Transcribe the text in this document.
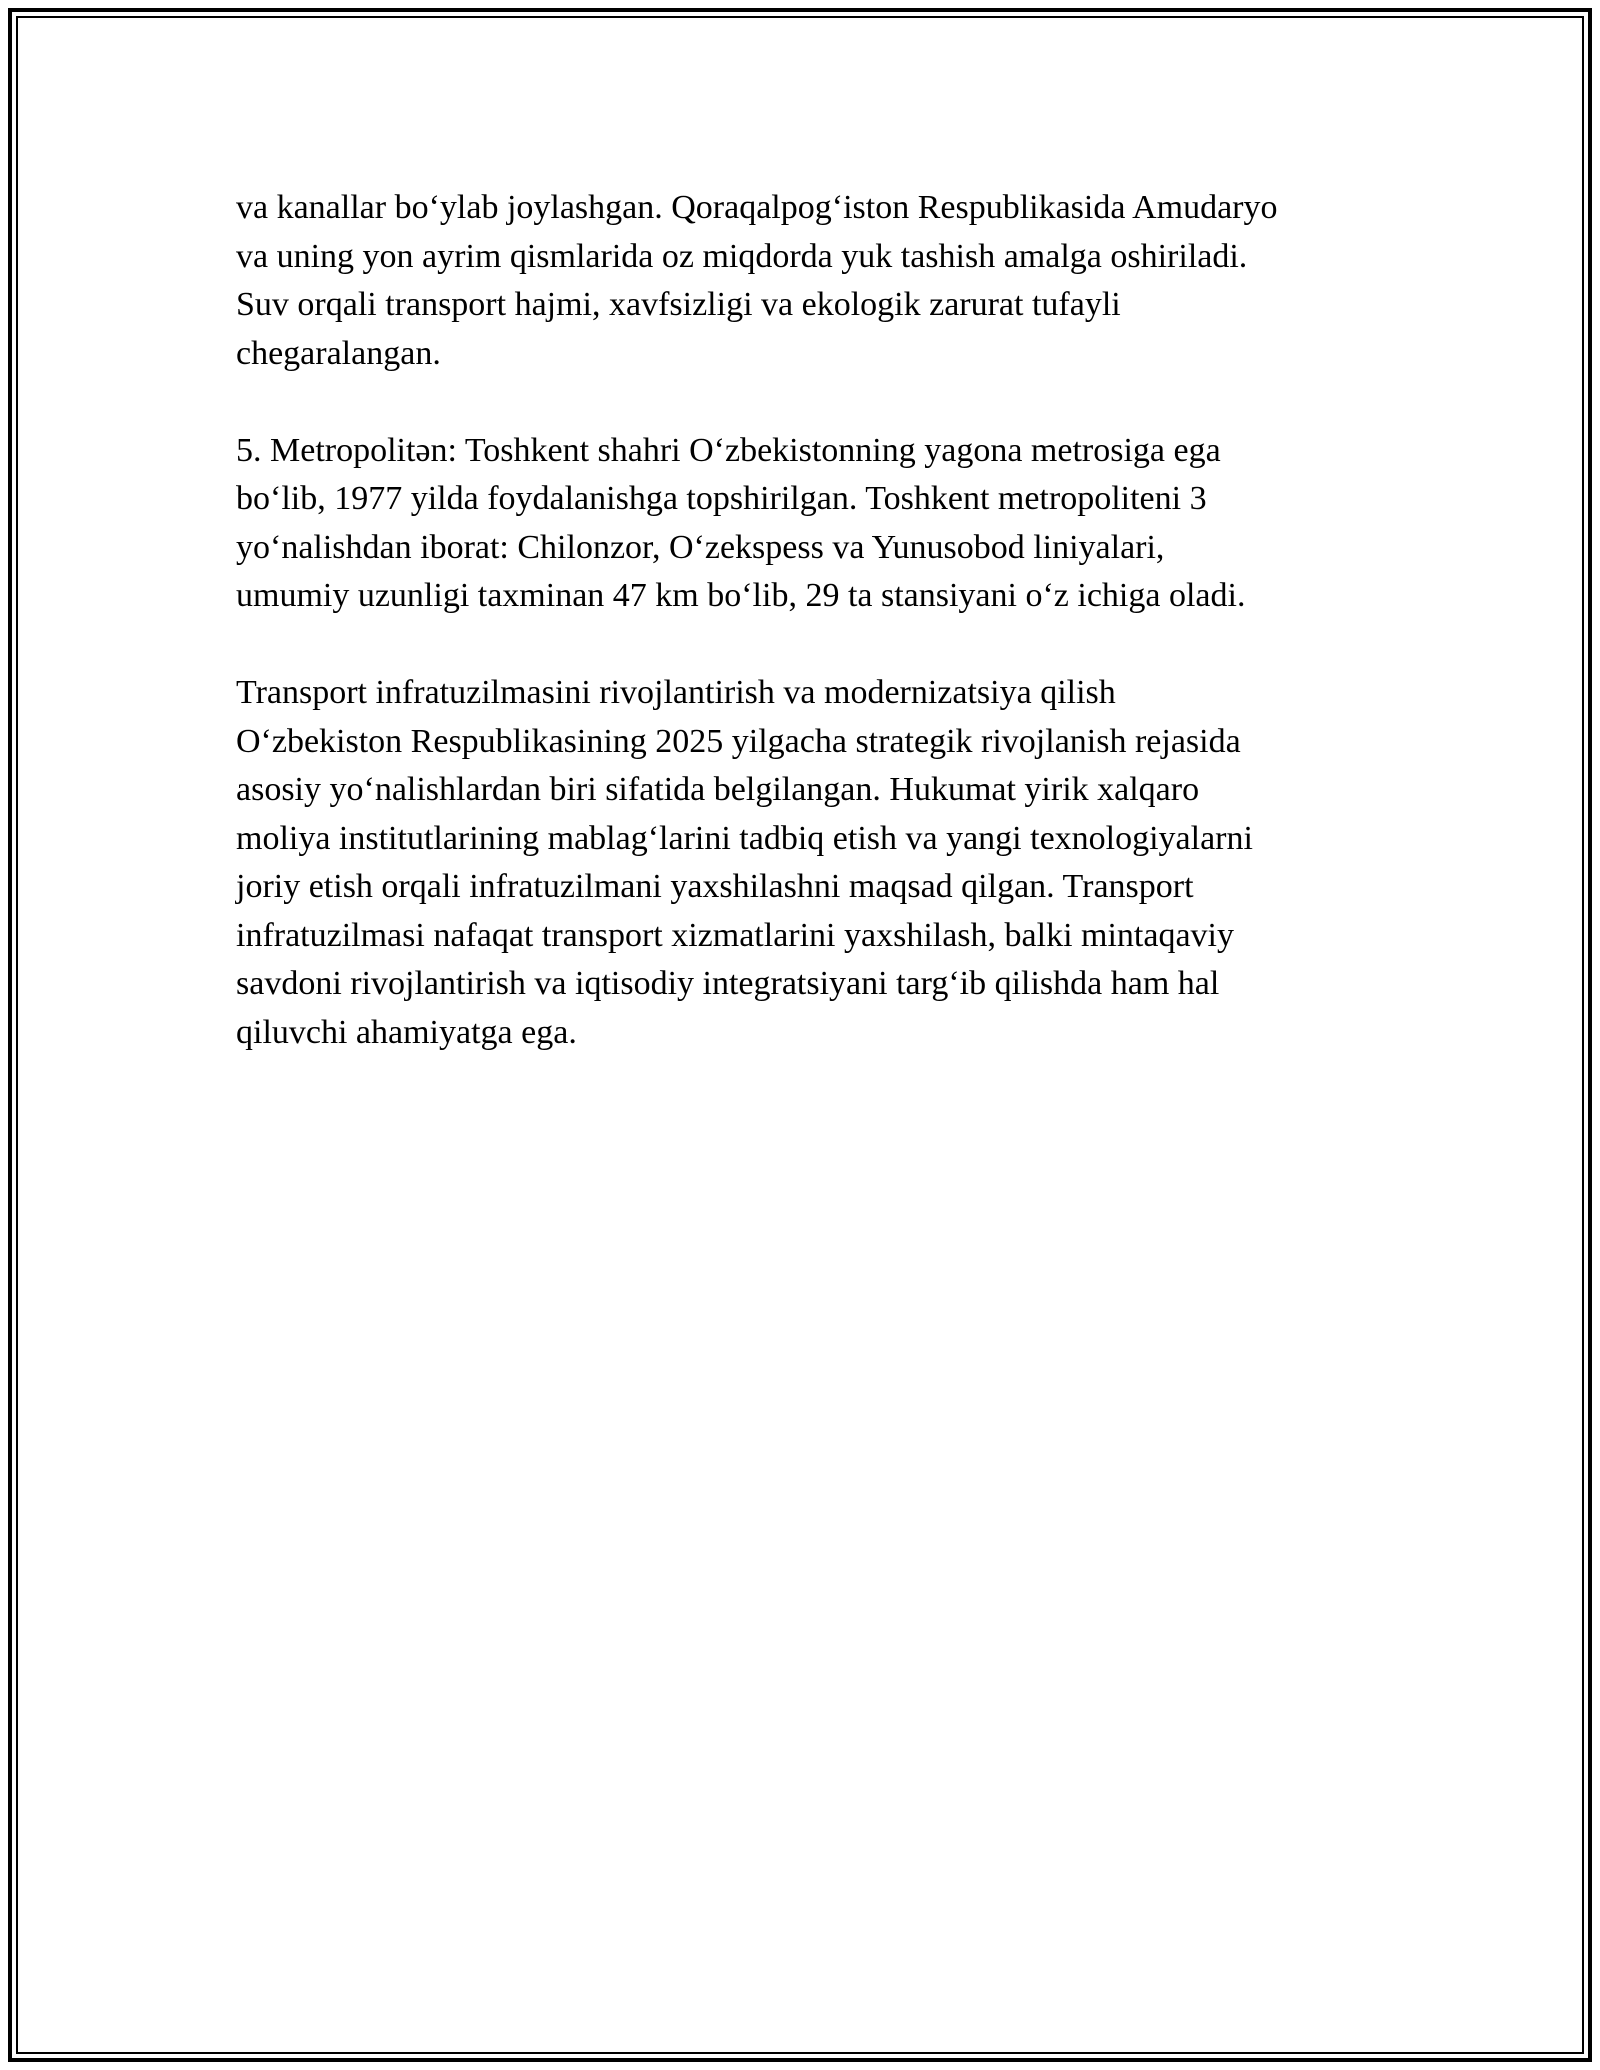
va kanallar bo‘ylab joylashgan. Qoraqalpog‘iston Respublikasida Amudaryo
va uning yon ayrim qismlarida oz miqdorda yuk tashish amalga oshiriladi.
Suv orqali transport hajmi, xavfsizligi va ekologik zarurat tufayli
chegaralangan.

5. Metropolitən: Toshkent shahri O‘zbekistonning yagona metrosiga ega
bo‘lib, 1977 yilda foydalanishga topshirilgan. Toshkent metropoliteni 3
yo‘nalishdan iborat: Chilonzor, O‘zekspess va Yunusobod liniyalari,
umumiy uzunligi taxminan 47 km bo‘lib, 29 ta stansiyani o‘z ichiga oladi.

Transport infratuzilmasini rivojlantirish va modernizatsiya qilish
O‘zbekiston Respublikasining 2025 yilgacha strategik rivojlanish rejasida
asosiy yo‘nalishlardan biri sifatida belgilangan. Hukumat yirik xalqaro
moliya institutlarining mablag‘larini tadbiq etish va yangi texnologiyalarni
joriy etish orqali infratuzilmani yaxshilashni maqsad qilgan. Transport
infratuzilmasi nafaqat transport xizmatlarini yaxshilash, balki mintaqaviy
savdoni rivojlantirish va iqtisodiy integratsiyani targ‘ib qilishda ham hal
qiluvchi ahamiyatga ega.
